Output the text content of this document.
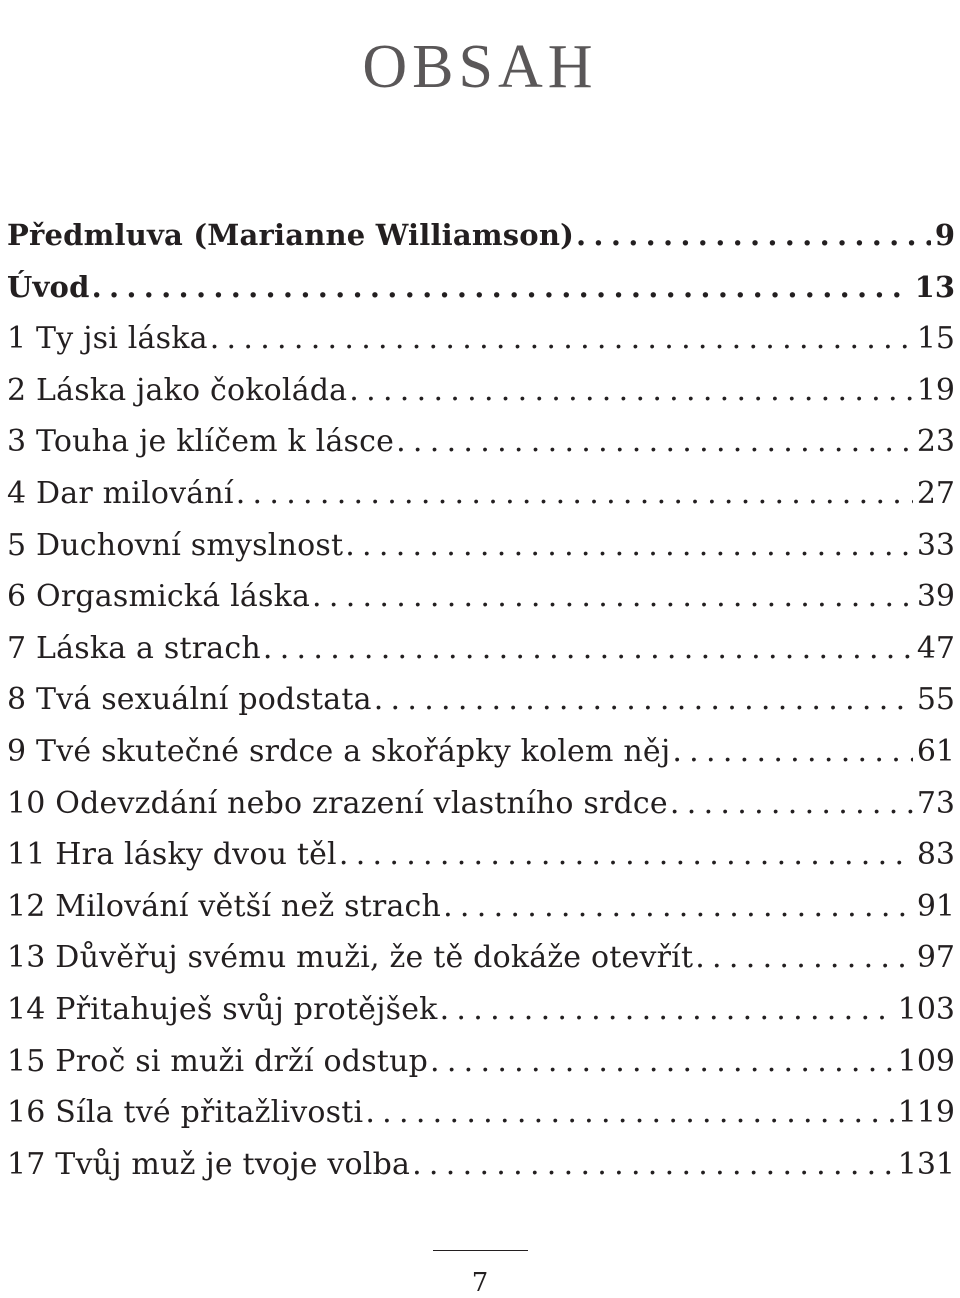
OBSAH
Předmluva (Marianne Williamson) .....	9
Úvod .....	13
1 Ty jsi láska .....	15
2 Láska jako čokoláda .....	19
3 Touha je klíčem k lásce .....	23
4 Dar milování .....	27
5 Duchovní smyslnost .....	33
6 Orgasmická láska .....	39
7 Láska a strach .....	47
8 Tvá sexuální podstata .....	55
9 Tvé skutečné srdce a skořápky kolem něj .....	61
10 Odevzdání nebo zrazení vlastního srdce .....	73
11 Hra lásky dvou těl .....	83
12 Milování větší než strach .....	91
13 Důvěřuj svému muži, že tě dokáže otevřít .....	97
14 Přitahuješ svůj protějšek .....	103
15 Proč si muži drží odstup .....	109
16 Síla tvé přitažlivosti .....	119
17 Tvůj muž je tvoje volba .....	131
7
